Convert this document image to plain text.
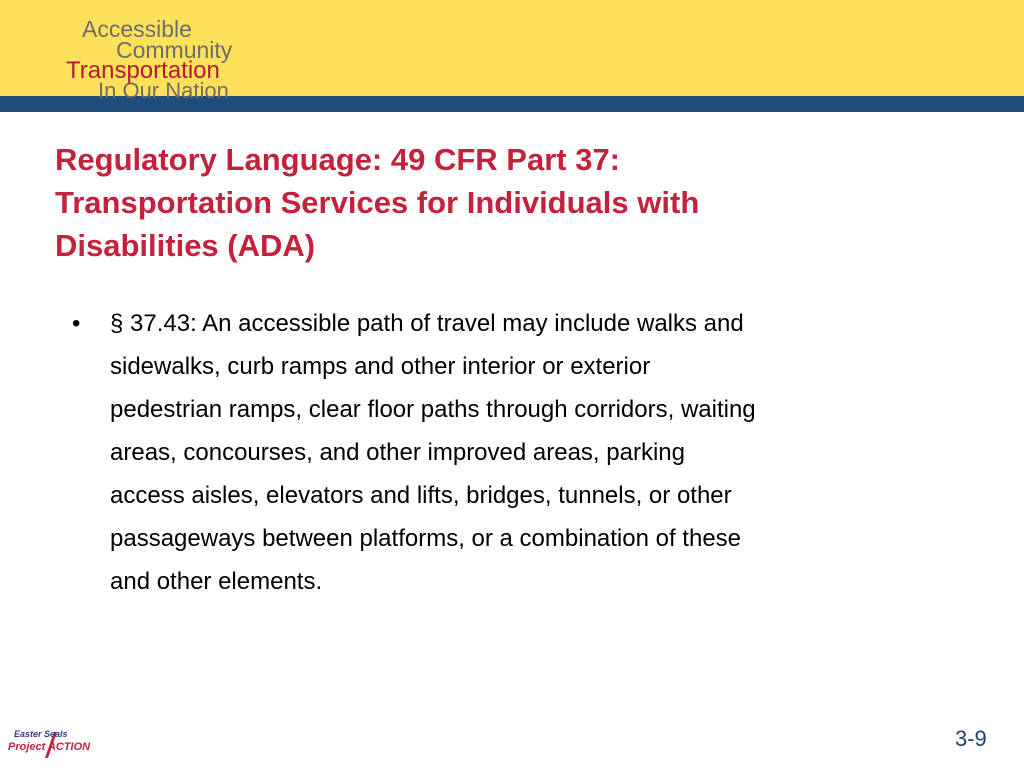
Accessible
Community
Transportation
In Our Nation
Regulatory Language: 49 CFR Part 37:
Transportation Services for Individuals with
Disabilities (ADA)
• § 37.43: An accessible path of travel may include walks and
sidewalks, curb ramps and other interior or exterior
pedestrian ramps, clear floor paths through corridors, waiting
areas, concourses, and other improved areas, parking
access aisles, elevators and lifts, bridges, tunnels, or other
passageways between platforms, or a combination of these
and other elements.
Easter Seals
Project ACTION	3-9
